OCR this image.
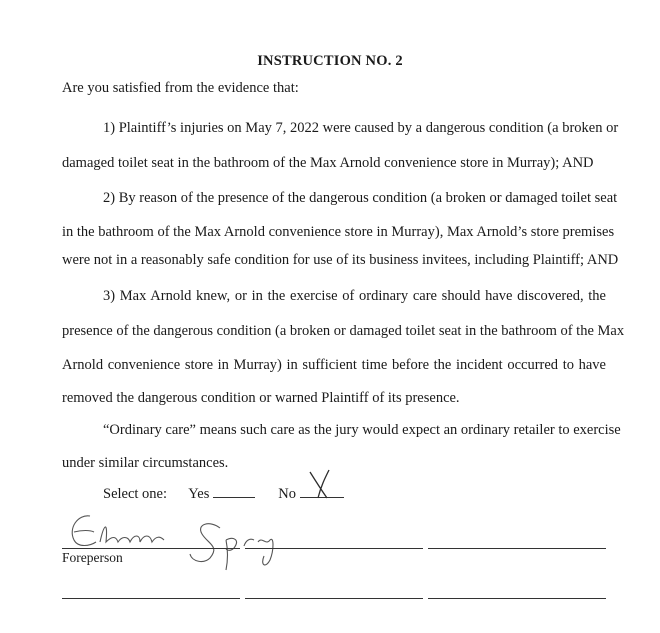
INSTRUCTION NO. 2
Are you satisfied from the evidence that:
1) Plaintiff’s injuries on May 7, 2022 were caused by a dangerous condition (a broken or
damaged toilet seat in the bathroom of the Max Arnold convenience store in Murray); AND
2) By reason of the presence of the dangerous condition (a broken or damaged toilet seat
in the bathroom of the Max Arnold convenience store in Murray), Max Arnold’s store premises
were not in a reasonably safe condition for use of its business invitees, including Plaintiff; AND
3) Max Arnold knew, or in the exercise of ordinary care should have discovered, the
presence of the dangerous condition (a broken or damaged toilet seat in the bathroom of the Max
Arnold convenience store in Murray) in sufficient time before the incident occurred to have
removed the dangerous condition or warned Plaintiff of its presence.
“Ordinary care” means such care as the jury would expect an ordinary retailer to exercise
under similar circumstances.
Select one: Yes	No
Foreperson
